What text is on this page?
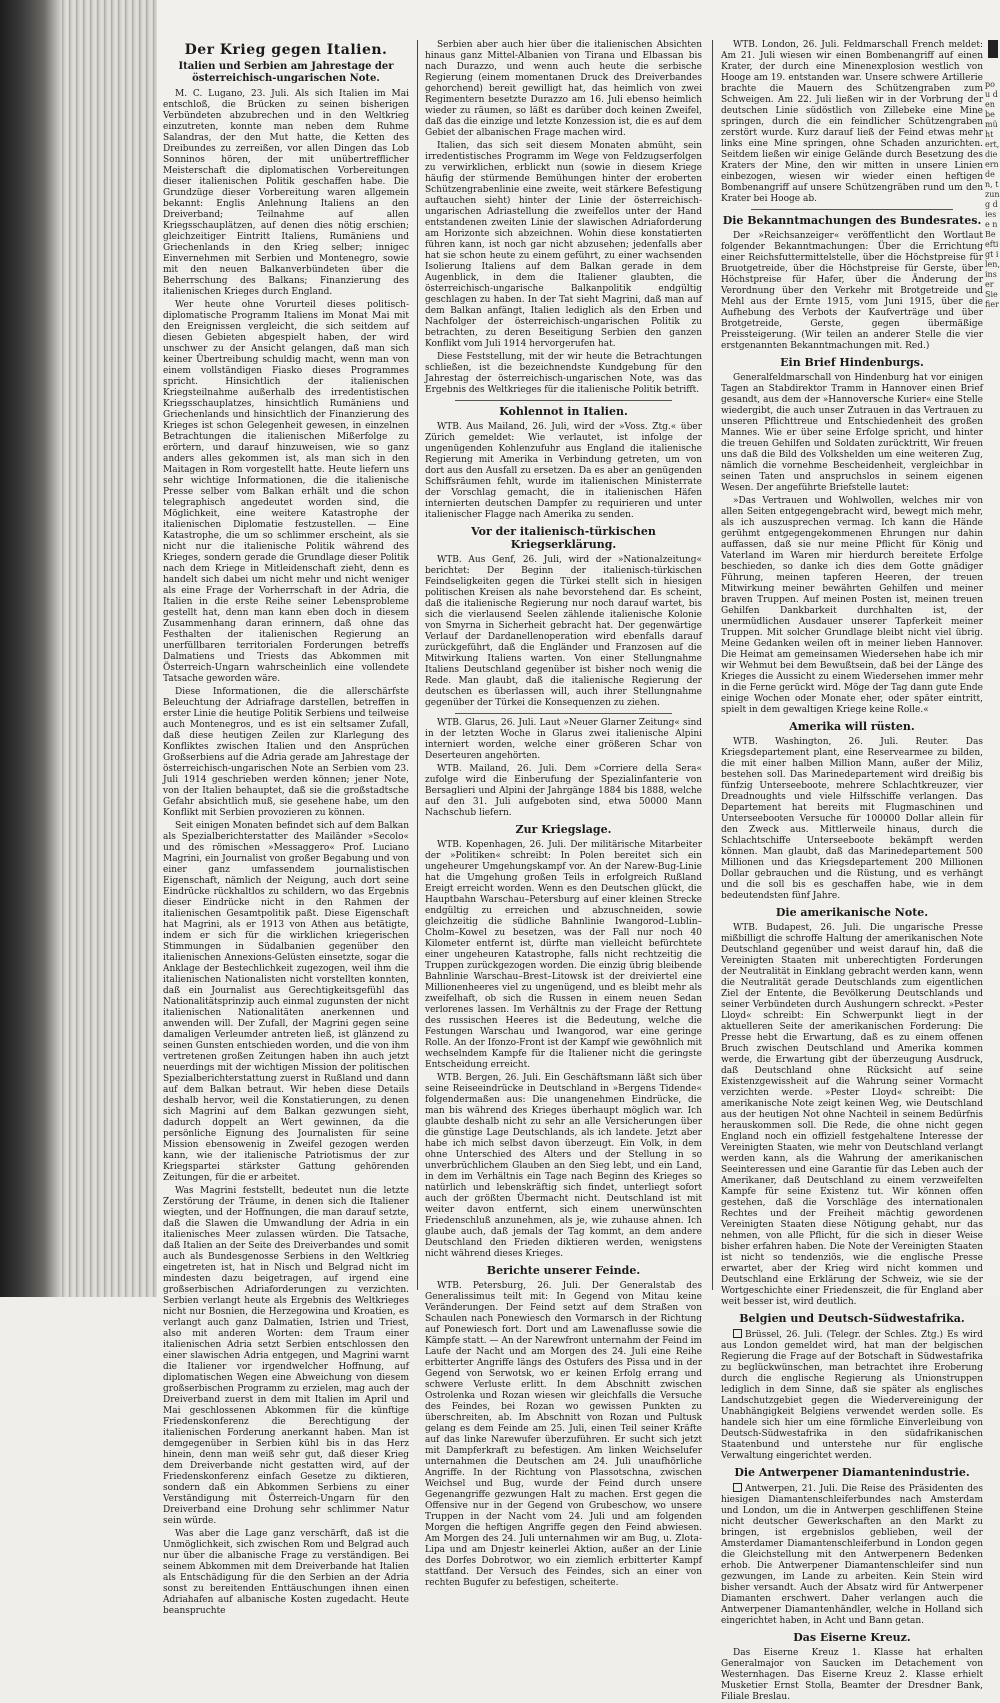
pou den bemüht ert, die ernden, tzung diese n Be eftigt ilen, inser Sie fier
Der Krieg gegen Italien.
Italien und Serbien am Jahrestage der österreichisch-ungarischen Note.

M. C. Lugano, 23. Juli. Als sich Italien im Mai entschloß, die Brücken zu seinen bisherigen Verbündeten abzubrechen und in den Weltkrieg einzutreten, konnte man neben dem Ruhme Salandras, der den Mut hatte, die Ketten des Dreibundes zu zerreißen, vor allen Dingen das Lob Sonninos hören, der mit unübertrefflicher Meisterschaft die diplomatischen Vorbereitungen dieser italienischen Politik geschaffen habe. Die Grundzüge dieser Vorbereitung waren allgemein bekannt: Englis Anlehnung Italiens an den Dreiverband; Teilnahme auf allen Kriegsschauplätzen, auf denen dies nötig erschien; gleichzeitiger Eintritt Italiens, Rumäniens und Griechenlands in den Krieg selber; innigeс Einvernehmen mit Serbien und Montenegro, sowie mit den neuen Balkanverbündeten über die Beherrschung des Balkans; Finanzierung des italienischen Krieges durch England.

Wer heute ohne Vorurteil dieses politisch-diplomatische Programm Italiens im Monat Mai mit den Ereignissen vergleicht, die sich seitdem auf diesen Gebieten abgespielt haben, der wird unschwer zu der Ansicht gelangen, daß man sich keiner Übertreibung schuldig macht, wenn man von einem vollständigen Fiasko dieses Programmes spricht. Hinsichtlich der italienischen Kriegsteilnahme außerhalb des irredentistischen Kriegsschauplatzes, hinsichtlich Rumäniens und Griechenlands und hinsichtlich der Finanzierung des Krieges ist schon Gelegenheit gewesen, in einzelnen Betrachtungen die italienischen Mißerfolge zu erörtern, und darauf hinzuweisen, wie so ganz anders alles gekommen ist, als man sich in den Maitagen in Rom vorgestellt hatte. Heute liefern uns sehr wichtige Informationen, die die italienische Presse selber vom Balkan erhält und die schon telegraphisch angedeutet worden sind, die Möglichkeit, eine weitere Katastrophe der italienischen Diplomatie festzustellen. — Eine Katastrophe, die um so schlimmer erscheint, als sie nicht nur die italienische Politik während des Krieges, sondern gerade die Grundlage dieser Politik nach dem Kriege in Mitleidenschaft zieht, denn es handelt sich dabei um nicht mehr und nicht weniger als eine Frage der Vorherrschaft in der Adria, die Italien in die erste Reihe seiner Lebensprobleme gestellt hat, denn man kann eben doch in diesem Zusammenhang daran erinnern, daß ohne das Festhalten der italienischen Regierung an unerfüllbaren territorialen Forderungen betreffs Dalmatiens und Triests das Abkommen mit Österreich-Ungarn wahrscheinlich eine vollendete Tatsache geworden wäre.

Diese Informationen, die die allerschärfste Beleuchtung der Adriafrage darstellen, betreffen in erster Linie die heutige Politik Serbiens und teilweise auch Montenegros, und es ist ein seltsamer Zufall, daß diese heutigen Zeilen zur Klarlegung des Konfliktes zwischen Italien und den Ansprüchen Großserbiens auf die Adria gerade am Jahrestage der österreichisch-ungarischen Note an Serbien vom 23. Juli 1914 geschrieben werden können; jener Note, von der Italien behauptet, daß sie die großstadtsche Gefahr absichtlich muß, sie gesehene habe, um den Konflikt mit Serbien provozieren zu können.

Seit einigen Monaten befindet sich auf dem Balkan als Spezialberichterstatter des Mailänder »Secolo« und des römischen »Messaggero« Prof. Luciano Magrini, ein Journalist von großer Begabung und von einer ganz umfassendem journalistischen Eigenschaft, nämlich der Neigung, auch dort seine Eindrücke rückhaltlos zu schildern, wo das Ergebnis dieser Eindrücke nicht in den Rahmen der italienischen Gesamtpolitik paßt. Diese Eigenschaft hat Magrini, als er 1913 von Athen aus betätigte, indem er sich für die wirklichen kriegerischen Stimmungen in Südalbanien gegenüber den italienischen Annexions-Gelüsten einsetzte, sogar die Anklage der Bestechlichkeit zugezogen, weil ihm die italienischen Nationalisten nicht vorstellten konnten, daß ein Journalist aus Gerechtigkeitsgefühl das Nationalitätsprinzip auch einmal zugunsten der nicht italienischen Nationalitäten anerkennen und anwenden will. Der Zufall, der Magrini gegen seine damaligen Verleumder antreten ließ, ist glänzend zu seinen Gunsten entschieden worden, und die von ihm vertretenen großen Zeitungen haben ihn auch jetzt neuerdings mit der wichtigen Mission der politischen Spezialberichterstattung zuerst in Rußland und dann auf dem Balkan betraut. Wir heben diese Details deshalb hervor, weil die Konstatierungen, zu denen sich Magrini auf dem Balkan gezwungen sieht, dadurch doppelt an Wert gewinnen, da die persönliche Eignung des Journalisten für seine Mission ebensowenig in Zweifel gezogen werden kann, wie der italienische Patriotismus der zur Kriegspartei stärkster Gattung gehörenden Zeitungen, für die er arbeitet.

Was Magrini feststellt, bedeutet nun die letzte Zerstörung der Träume, in denen sich die Italiener wiegten, und der Hoffnungen, die man darauf setzte, daß die Slawen die Umwandlung der Adria in ein italienisches Meer zulassen würden. Die Tatsache, daß Italien an der Seite des Dreiverbandes und somit auch als Bundesgenosse Serbiens in den Weltkrieg eingetreten ist, hat in Nisch und Belgrad nicht im mindesten dazu beigetragen, auf irgend eine großserbischen Adriaforderungen zu verzichten. Serbien verlangt heute als Ergebnis des Weltkrieges nicht nur Bosnien, die Herzegowina und Kroatien, es verlangt auch ganz Dalmatien, Istrien und Triest, also mit anderen Worten: dem Traum einer italienischen Adria setzt Serbien entschlossen den einer slawischen Adria entgegen, und Magrini warnt die Italiener vor irgendwelcher Hoffnung, auf diplomatischen Wegen eine Abweichung von diesem großserbischen Programm zu erzielen, mag auch der Dreiverband zuerst in dem mit Italien im April und Mai geschlossenen Abkommen für die künftige Friedenskonferenz die Berechtigung der italienischen Forderung anerkannt haben. Man ist demgegenüber in Serbien kühl bis in das Herz hinein, denn man weiß sehr gut, daß dieser Krieg dem Dreiverbande nicht gestatten wird, auf der Friedenskonferenz einfach Gesetze zu diktieren, sondern daß ein Abkommen Serbiens zu einer Verständigung mit Österreich-Ungarn für den Dreiverband eine Drohung sehr schlimmer Natur sein würde.

Was aber die Lage ganz verschärft, daß ist die Unmöglichkeit, sich zwischen Rom und Belgrad auch nur über die albanische Frage zu verständigen. Bei seinem Abkommen mit dem Dreiverbande hat Italien als Entschädigung für die den Serbien an der Adria sonst zu bereitenden Enttäuschungen ihnen einen Adriahafen auf albanische Kosten zugedacht. Heute beanspruchte

Serbien aber auch hier über die italienischen Absichten hinaus ganz Mittel-Albanien von Tirana und Elbassan bis nach Durazzo, und wenn auch heute die serbische Regierung (einem momentanen Druck des Dreiverbandes gehorchend) bereit gewilligt hat, das heimlich von zwei Regimentern besetzte Durazzo am 16. Juli ebenso heimlich wieder zu räumen, so läßt es darüber doch keinen Zweifel, daß das die einzige und letzte Konzession ist, die es auf dem Gebiet der albanischen Frage machen wird.

Italien, das sich seit diesem Monaten abmüht, sein irredentistisches Programm im Wege von Feldzugserfolgen zu verwirklichen, erblickt nun (sowie in diesem Kriege häufig der stürmende Bemühungen hinter der eroberten Schützengrabenlinie eine zweite, weit stärkere Befestigung auftauchen sieht) hinter der Linie der österreichisch-ungarischen Adriastellung die zweifellos unter der Hand entstandenen zweiten Linie der slawischen Adriaforderung am Horizonte sich abzeichnen. Wohin diese konstatierten führen kann, ist noch gar nicht abzusehen; jedenfalls aber hat sie schon heute zu einem geführt, zu einer wachsenden Isolierung Italiens auf dem Balkan gerade in dem Augenblick, in dem die Italiener glaubten, die österreichisch-ungarische Balkanpolitik endgültig geschlagen zu haben. In der Tat sieht Magrini, daß man auf dem Balkan anfängt, Italien lediglich als den Erben und Nachfolger der österreichisch-ungarischen Politik zu betrachten, zu deren Beseitigung Serbien den ganzen Konflikt vom Juli 1914 hervorgerufen hat.

Diese Feststellung, mit der wir heute die Betrachtungen schließen, ist die bezeichnendste Kundgebung für den Jahrestag der österreichisch-ungarischen Note, was das Ergebnis des Weltkrieges für die italienische Politik betrifft.

Kohlennot in Italien.

WTB. Aus Mailand, 26. Juli, wird der »Voss. Ztg.« über Zürich gemeldet: Wie verlautet, ist infolge der ungenügenden Kohlenzufuhr aus England die italienische Regierung mit Amerika in Verbindung getreten, um von dort aus den Ausfall zu ersetzen. Da es aber an genügenden Schiffsräumen fehlt, wurde im italienischen Ministerrate der Vorschlag gemacht, die in italienischen Häfen internierten deutschen Dampfer zu requirieren und unter italienischer Flagge nach Amerika zu senden.

Vor der italienisch-türkischen Kriegserklärung.

WTB. Aus Genf, 26. Juli, wird der »Nationalzeitung« berichtet: Der Beginn der italienisch-türkischen Feindseligkeiten gegen die Türkei stellt sich in hiesigen politischen Kreisen als nahe bevorstehend dar. Es scheint, daß die italienische Regierung nur noch darauf wartet, bis sich die vierlausend Seelen zählende italienische Kolonie von Smyrna in Sicherheit gebracht hat. Der gegenwärtige Verlauf der Dardanellenoperation wird ebenfalls darauf zurückgeführt, daß die Engländer und Franzosen auf die Mitwirkung Italiens warten. Von einer Stellungnahme Italiens Deutschland gegenüber ist bisher noch wenig die Rede. Man glaubt, daß die italienische Regierung der deutschen es überlassen will, auch ihrer Stellungnahme gegenüber der Türkei die Konsequenzen zu ziehen.

WTB. Glarus, 26. Juli. Laut »Neuer Glarner Zeitung« sind in der letzten Woche in Glarus zwei italienische Alpini interniert worden, welche einer größeren Schar von Deserteuren angehörten.

WTB. Mailand, 26. Juli. Dem »Corriere della Sera« zufolge wird die Einberufung der Spezialinfanterie von Bersaglieri und Alpini der Jahrgänge 1884 bis 1888, welche auf den 31. Juli aufgeboten sind, etwa 50000 Mann Nachschub liefern.

Zur Kriegslage.

WTB. Kopenhagen, 26. Juli. Der militärische Mitarbeiter der »Politiken« schreibt: In Polen bereitet sich ein ungeheurer Umgehungskampf vor. An der Narew-Bug-Linie hat die Umgehung großen Teils in erfolgreich Rußland Ereigt erreicht worden. Wenn es den Deutschen glückt, die Hauptbahn Warschau–Petersburg auf einer kleinen Strecke endgültig zu erreichen und abzuschneiden, sowie gleichzeitig die südliche Bahnlinie Iwangorod–Lublin–Cholm–Kowel zu besetzen, was der Fall nur noch 40 Kilometer entfernt ist, dürfte man vielleicht befürchtete einer ungeheuren Katastrophe, falls nicht rechtzeitig die Truppen zurückgezogen worden. Die einzig übrig bleibende Bahnlinie Warschau–Brest–Litowsk ist der dreiviertel eine Millionenheeres viel zu ungenügend, und es bleibt mehr als zweifelhaft, ob sich die Russen in einem neuen Sedan verlorenes lassen. Im Verhältnis zu der Frage der Rettung des russischen Heeres ist die Bedeutung, welche die Festungen Warschau und Iwangorod, war eine geringe Rolle. An der Ifonzo-Front ist der Kampf wie gewöhnlich mit wechselndem Kampfe für die Italiener nicht die geringste Entscheidung erreicht.

WTB. Bergen, 26. Juli. Ein Geschäftsmann läßt sich über seine Reiseeindrücke in Deutschland in »Bergens Tidende« folgendermaßen aus: Die unangenehmen Eindrücke, die man bis während des Krieges überhaupt möglich war. Ich glaubte deshalb nicht zu sehr an alle Versicherungen über die günstige Lage Deutschlands, als ich landete. Jetzt aber habe ich mich selbst davon überzeugt. Ein Volk, in dem ohne Unterschied des Alters und der Stellung in so unverbrüchlichem Glauben an den Sieg lebt, und ein Land, in dem im Verhältnis ein Tage nach Beginn des Krieges so natürlich und lebenskräftig sich findet, unterliegt sofort auch der größten Übermacht nicht. Deutschland ist mit weiter davon entfernt, sich einem unerwünschten Friedenschluß anzunehmen, als je, wie zuhause ahnen. Ich glaube auch, daß jemals der Tag kommt, an dem andere Deutschland den Frieden diktieren werden, wenigstens nicht während dieses Krieges.

Berichte unserer Feinde.

WTB. Petersburg, 26. Juli. Der Generalstab des Generalissimus teilt mit: In Gegend von Mitau keine Veränderungen. Der Feind setzt auf dem Straßen von Schaulen nach Ponewiesch den Vormarsch in der Richtung auf Ponewiesch fort. Dort und am Lawenaflusse sowie die Kämpfe statt. — An der Narewfront unternahm der Feind im Laufe der Nacht und am Morgen des 24. Juli eine Reihe erbitterter Angriffe längs des Ostufers des Pissa und in der Gegend von Serwotsk, wo er keinen Erfolg errang und schwere Verluste erlitt. In dem Abschnitt zwischen Ostrolenka und Rozan wiesen wir gleichfalls die Versuche des Feindes, bei Rozan wo gewissen Punkten zu überschreiten, ab. Im Abschnitt von Rozan und Pultusk gelang es dem Feinde am 25. Juli, einen Teil seiner Kräfte auf das linke Narewufer überzuführen. Er sucht sich jetzt mit Dampferkraft zu befestigen. Am linken Weichselufer unternahmen die Deutschen am 24. Juli unaufhörliche Angriffe. In der Richtung von Plassotschna, zwischen Weichsel und Bug, wurde der Feind durch unsere Gegenangriffe gezwungen Halt zu machen. Erst gegen die Offensive nur in der Gegend von Grubeschow, wo unsere Truppen in der Nacht vom 24. Juli und am folgenden Morgen die heftigen Angriffe gegen den Feind abwiesen. Am Morgen des 24. Juli unternahmen wir am Bug, u. Zlota-Lipa und am Dnjestr keinerlei Aktion, außer an der Linie des Dorfes Dobrotwor, wo ein ziemlich erbitterter Kampf stattfand. Der Versuch des Feindes, sich an einer von rechten Bugufer zu befestigen, scheiterte.

WTB. London, 26. Juli. Feldmarschall French meldet: Am 21. Juli wiesen wir einen Bombenangriff auf einen Krater, der durch eine Minenexplosion westlich von Hooge am 19. entstanden war. Unsere schwere Artillerie brachte die Mauern des Schützengraben zum Schweigen. Am 22. Juli ließen wir in der Vorbrung der deutschen Linie südöstlich von Zillebeke eine Mine springen, durch die ein feindlicher Schützengraben zerstört wurde. Kurz darauf ließ der Feind etwas mehr links eine Mine springen, ohne Schaden anzurichten. Seitdem ließen wir einige Gelände durch Besetzung des Kraters der Mine, den wir mitten in unsere Linien einbezogen, wiesen wir wieder einen heftigen Bombenangriff auf unsere Schützengräben rund um den Krater bei Hooge ab.

Die Bekanntmachungen des Bundesrates.

Der »Reichsanzeiger« veröffentlicht den Wortlaut folgender Bekanntmachungen: Über die Errichtung einer Reichsfuttermittelstelle, über die Höchstpreise für Bruotgetreide, über die Höchstpreise für Gerste, über Höchstpreise für Hafer, über die Änderung der Verordnung über den Verkehr mit Brotgetreide und Mehl aus der Ernte 1915, vom Juni 1915, über die Aufhebung des Verbots der Kaufverträge und über Brotgetreide, Gerste, gegen übermäßige Preissteigerung. (Wir teilen an anderer Stelle die vier erstgenannten Bekanntmachungen mit. Red.)

Ein Brief Hindenburgs.

Generalfeldmarschall von Hindenburg hat vor einigen Tagen an Stabdirektor Tramm in Hannover einen Brief gesandt, aus dem der »Hannoversche Kurier« eine Stelle wiedergibt, die auch unser Zutrauen in das Vertrauen zu unseren Pflichttreue und Entschiedenheit des großen Mannes. Wie er über seine Erfolge spricht, und hinter die treuen Gehilfen und Soldaten zurücktritt, Wir freuen uns daß die Bild des Volkshelden um eine weiteren Zug, nämlich die vornehme Bescheidenheit, vergleichbar in seinen Taten und anspruchslos in seinem eigenen Wesen. Der angeführte Briefstelle lautet:

»Das Vertrauen und Wohlwollen, welches mir von allen Seiten entgegengebracht wird, bewegt mich mehr, als ich auszusprechen vermag. Ich kann die Hände gerühmt entgegengekommenen Ehrungen nur dahin auffassen, daß sie nur meine Pflicht für König und Vaterland im Waren mir hierdurch bereitete Erfolge beschieden, so danke ich dies dem Gotte gnädiger Führung, meinen tapferen Heeren, der treuen Mitwirkung meiner bewährten Gehilfen und meiner braven Truppen. Auf meinen Posten ist, meinen treuen Gehilfen Dankbarkeit durchhalten ist, der unermüdlichen Ausdauer unserer Tapferkeit meiner Truppen. Mit solcher Grundlage bleibt nicht viel übrig. Meine Gedanken weilen oft in meiner lieben Hannover. Die Heimat am gemeinsamen Wiedersehen habe ich mir wir Wehmut bei dem Bewußtsein, daß bei der Länge des Krieges die Aussicht zu einem Wiedersehen immer mehr in die Ferne gerückt wird. Möge der Tag dann gute Ende einige Wochen oder Monate eher, oder später eintritt, spielt in dem gewaltigen Kriege keine Rolle.«

Amerika will rüsten.

WTB. Washington, 26. Juli. Reuter. Das Kriegsdepartement plant, eine Reservearmee zu bilden, die mit einer halben Million Mann, außer der Miliz, bestehen soll. Das Marinedepartement wird dreißig bis fünfzig Unterseeboote, mehrere Schlachtkreuzer, vier Dreadnoughts und viele Hilfsschiffe verlangen. Das Departement hat bereits mit Flugmaschinen und Unterseebooten Versuche für 100000 Dollar allein für den Zweck aus. Mittlerweile hinaus, durch die Schlachtschiffe Unterseeboote bekämpft werden können. Man glaubt, daß das Marinedepartement 500 Millionen und das Kriegsdepartement 200 Millionen Dollar gebrauchen und die Rüstung, und es verhängt und die soll bis es geschaffen habe, wie in dem bedeutendsten fünf Jahre.

Die amerikanische Note.

WTB. Budapest, 26. Juli. Die ungarische Presse mißbilligt die schroffe Haltung der amerikanischen Note Deutschland gegenüber und weist darauf hin, daß die Vereinigten Staaten mit unberechtigten Forderungen der Neutralität in Einklang gebracht werden kann, wenn die Neutralität gerade Deutschlands zum eigentlichen Ziel der Entente, die Bevölkerung Deutschlands und seiner Verbündeten durch Aushungern schreckt. »Pester Lloyd« schreibt: Ein Schwerpunkt liegt in der aktuelleren Seite der amerikanischen Forderung: Die Presse hebt die Erwartung, daß es zu einem offenen Bruch zwischen Deutschland und Amerika kommen werde, die Erwartung gibt der überzeugung Ausdruck, daß Deutschland ohne Rücksicht auf seine Existenzgewissheit auf die Wahrung seiner Vormacht verzichten werde. »Pester Lloyd« schreibt: Die amerikanische Note zeigt keinen Weg, wie Deutschland aus der heutigen Not ohne Nachteil in seinem Bedürfnis herauskommen soll. Die Rede, die ohne nicht gegen England noch ein offiziell festgehaltene Interesse der Vereinigten Staaten, wie mehr von Deutschland verlangt werden kann, als die Wahrung der amerikanischen Seeinteressen und eine Garantie für das Leben auch der Amerikaner, daß Deutschland zu einem verzweifelten Kampfe für seine Existenz tut. Wir können offen gestehen, daß die Vorschläge des internationalen Rechtes und der Freiheit mächtig gewordenen Vereinigten Staaten diese Nötigung gehabt, nur das nehmen, von alle Pflicht, für die sich in dieser Weise bisher erfahren haben. Die Note der Vereinigten Staaten ist nicht so tendenziös, wie die englische Presse erwartet, aber der Krieg wird nicht kommen und Deutschland eine Erklärung der Schweiz, wie sie der Wortgeschichte einer Friedenszeit, die für England aber weit besser ist, wird deutlich.

Belgien und Deutsch-Südwestafrika.

Brüssel, 26. Juli. (Telegr. der Schles. Ztg.) Es wird aus London gemeldet wird, hat man der belgischen Regierung die Frage auf der Botschaft in Südwestafrika zu beglückwünschen, man betrachtet ihre Eroberung durch die englische Regierung als Unionstruppen lediglich in dem Sinne, daß sie später als englisches Landschutzgebiet gegen die Wiedervereinigung der Unabhängigkeit Belgiens verwendet werden solle. Es handele sich hier um eine förmliche Einverleibung von Deutsch-Südwestafrika in den südafrikanischen Staatenbund und unterstehe nur für englische Verwaltung eingerichtet werden.

Die Antwerpener Diamantenindustrie.

Antwerpen, 21. Juli. Die Reise des Präsidenten des hiesigen Diamantenschleiferbundes nach Amsterdam und London, um die in Antwerpen geschliffenen Steine nicht deutscher Gewerkschaften an den Markt zu bringen, ist ergebnislos geblieben, weil der Amsterdamer Diamantenschleiferbund in London gegen die Gleichstellung mit den Antwerpenern Bedenken erhob. Die Antwerpener Diamantenschleifer sind nun gezwungen, im Lande zu arbeiten. Kein Stein wird bisher versandt. Auch der Absatz wird für Antwerpener Diamanten erschwert. Daher verlangen auch die Antwerpener Diamantenhändler, welche in Holland sich eingerichtet haben, in Acht und Bann getan.

Das Eiserne Kreuz.

Das Eiserne Kreuz 1. Klasse hat erhalten Generalmajor von Saucken im Detachement von Westernhagen. Das Eiserne Kreuz 2. Klasse erhielt Musketier Ernst Stolla, Beamter der Dresdner Bank, Filiale Breslau.
